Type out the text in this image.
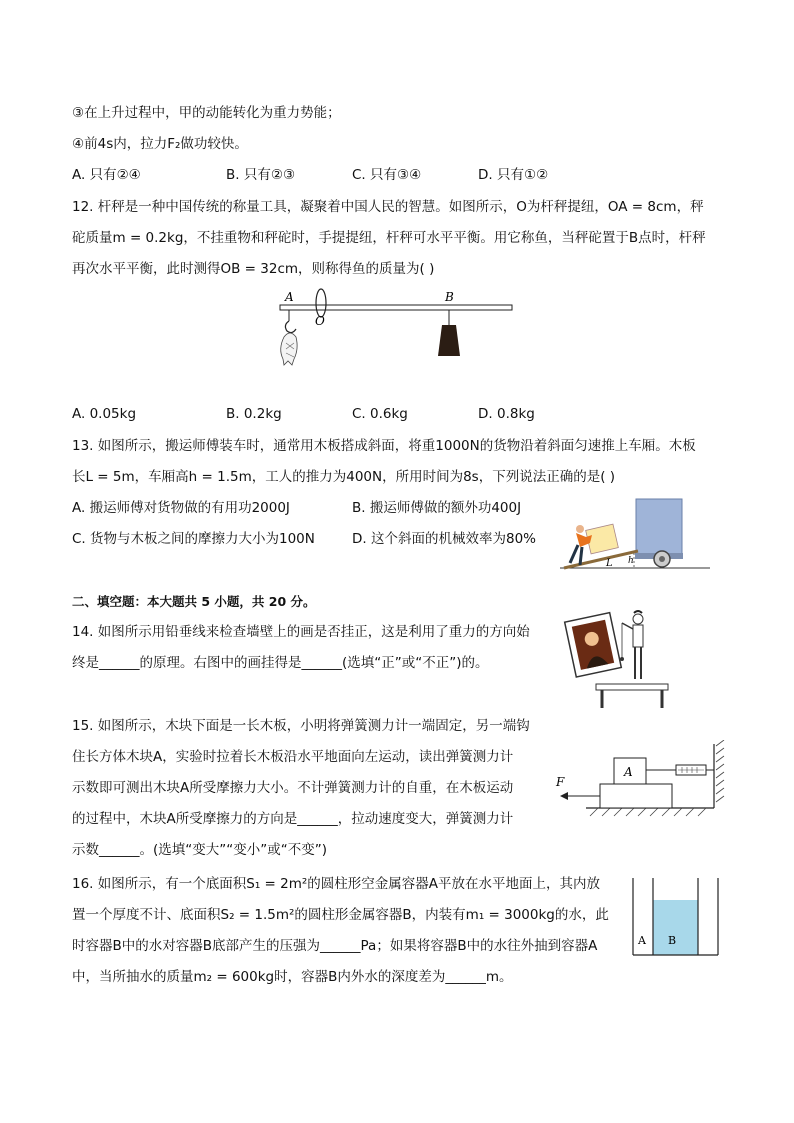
③在上升过程中，甲的动能转化为重力势能；
④前4s内，拉力F₂做功较快。
A. 只有②④	B. 只有②③	C. 只有③④	D. 只有①②
12. 杆秤是一种中国传统的称量工具，凝聚着中国人民的智慧。如图所示，O为杆秤提纽，OA = 8cm，秤
砣质量m = 0.2kg，不挂重物和秤砣时，手提提纽，杆秤可水平平衡。用它称鱼，当秤砣置于B点时，杆秤
再次水平平衡，此时测得OB = 32cm，则称得鱼的质量为( )
A
O
B
A. 0.05kg	B. 0.2kg	C. 0.6kg	D. 0.8kg
13. 如图所示，搬运师傅装车时，通常用木板搭成斜面，将重1000N的货物沿着斜面匀速推上车厢。木板
长L = 5m，车厢高h = 1.5m，工人的推力为400N，所用时间为8s，下列说法正确的是( )
A. 搬运师傅对货物做的有用功2000J	B. 搬运师傅做的额外功400J
C. 货物与木板之间的摩擦力大小为100N	D. 这个斜面的机械效率为80%
L h
二、填空题：本大题共 5 小题，共 20 分。
14. 如图所示用铅垂线来检查墙壁上的画是否挂正，这是利用了重力的方向始
终是______的原理。右图中的画挂得是______(选填“正”或“不正”)的。
15. 如图所示，木块下面是一长木板，小明将弹簧测力计一端固定，另一端钩
住长方体木块A，实验时拉着长木板沿水平地面向左运动，读出弹簧测力计
示数即可测出木块A所受摩擦力大小。不计弹簧测力计的自重，在木板运动
的过程中，木块A所受摩擦力的方向是______，拉动速度变大，弹簧测力计
示数______。(选填“变大”“变小”或“不变”)
A
F
16. 如图所示，有一个底面积S₁ = 2m²的圆柱形空金属容器A平放在水平地面上，其内放
置一个厚度不计、底面积S₂ = 1.5m²的圆柱形金属容器B，内装有m₁ = 3000kg的水，此
时容器B中的水对容器B底部产生的压强为______Pa；如果将容器B中的水往外抽到容器A
中，当所抽水的质量m₂ = 600kg时，容器B内外水的深度差为______m。
A B
